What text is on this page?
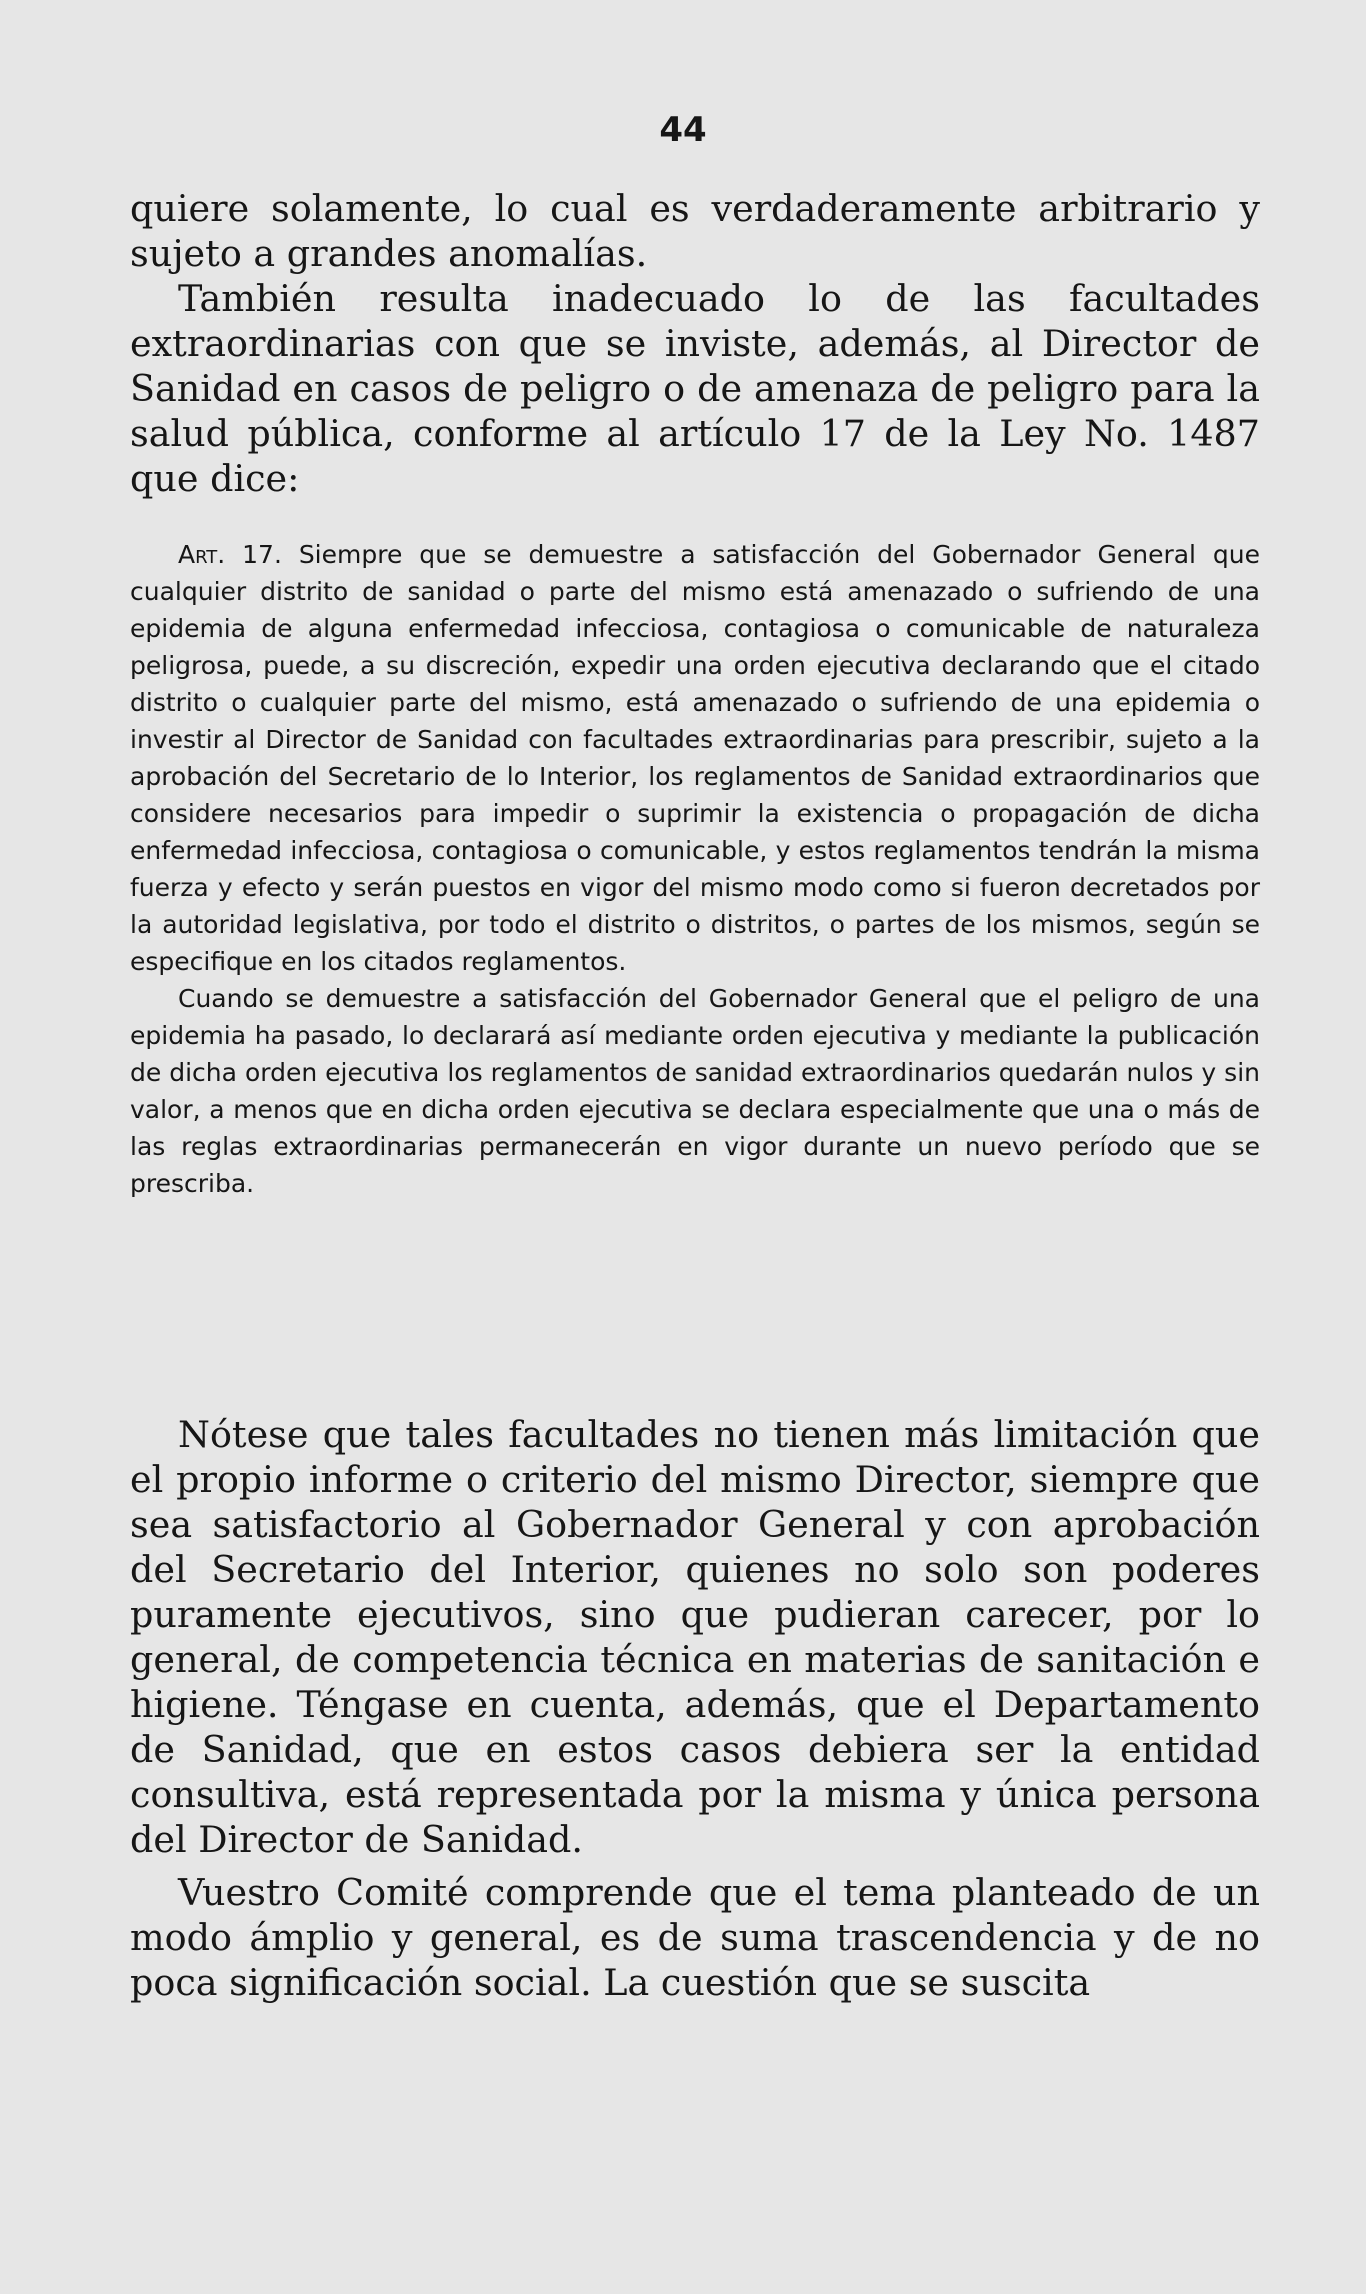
44

quiere solamente, lo cual es verdaderamente arbitrario y sujeto a grandes anomalías.

También resulta inadecuado lo de las facultades extraordinarias con que se inviste, además, al Director de Sanidad en casos de peligro o de amenaza de peligro para la salud pública, conforme al artículo 17 de la Ley No. 1487 que dice:

Art. 17. Siempre que se demuestre a satisfacción del Gobernador General que cualquier distrito de sanidad o parte del mismo está amenazado o sufriendo de una epidemia de alguna enfermedad infecciosa, contagiosa o comunicable de naturaleza peligrosa, puede, a su discreción, expedir una orden ejecutiva declarando que el citado distrito o cualquier parte del mismo, está amenazado o sufriendo de una epidemia o investir al Director de Sanidad con facultades extraordinarias para prescribir, sujeto a la aprobación del Secretario de lo Interior, los reglamentos de Sanidad extraordinarios que considere necesarios para impedir o suprimir la existencia o propagación de dicha enfermedad infecciosa, contagiosa o comunicable, y estos reglamentos tendrán la misma fuerza y efecto y serán puestos en vigor del mismo modo como si fueron decretados por la autoridad legislativa, por todo el distrito o distritos, o partes de los mismos, según se especifique en los citados reglamentos.

Cuando se demuestre a satisfacción del Gobernador General que el peligro de una epidemia ha pasado, lo declarará así mediante orden ejecutiva y mediante la publicación de dicha orden ejecutiva los reglamentos de sanidad extraordinarios quedarán nulos y sin valor, a menos que en dicha orden ejecutiva se declara especialmente que una o más de las reglas extraordinarias permanecerán en vigor durante un nuevo período que se prescriba.

Nótese que tales facultades no tienen más limitación que el propio informe o criterio del mismo Director, siempre que sea satisfactorio al Gobernador General y con aprobación del Secretario del Interior, quienes no solo son poderes puramente ejecutivos, sino que pudieran carecer, por lo general, de competencia técnica en materias de sanitación e higiene. Téngase en cuenta, además, que el Departamento de Sanidad, que en estos casos debiera ser la entidad consultiva, está representada por la misma y única persona del Director de Sanidad.

Vuestro Comité comprende que el tema planteado de un modo ámplio y general, es de suma trascendencia y de no poca significación social. La cuestión que se suscita
